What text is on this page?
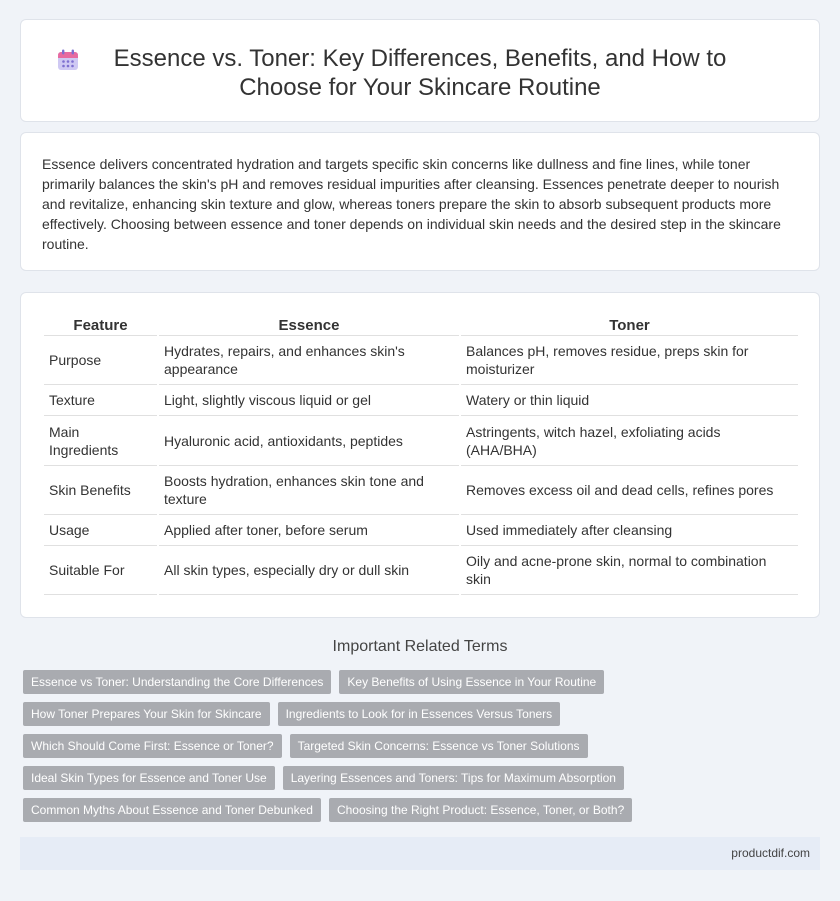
Essence vs. Toner: Key Differences, Benefits, and How to Choose for Your Skincare Routine

Essence delivers concentrated hydration and targets specific skin concerns like dullness and fine lines, while toner primarily balances the skin's pH and removes residual impurities after cleansing. Essences penetrate deeper to nourish and revitalize, enhancing skin texture and glow, whereas toners prepare the skin to absorb subsequent products more effectively. Choosing between essence and toner depends on individual skin needs and the desired step in the skincare routine.

Feature	Essence	Toner
Purpose	Hydrates, repairs, and enhances skin's appearance	Balances pH, removes residue, preps skin for moisturizer
Texture	Light, slightly viscous liquid or gel	Watery or thin liquid
Main Ingredients	Hyaluronic acid, antioxidants, peptides	Astringents, witch hazel, exfoliating acids (AHA/BHA)
Skin Benefits	Boosts hydration, enhances skin tone and texture	Removes excess oil and dead cells, refines pores
Usage	Applied after toner, before serum	Used immediately after cleansing
Suitable For	All skin types, especially dry or dull skin	Oily and acne-prone skin, normal to combination skin
Important Related Terms
Essence vs Toner: Understanding the Core Differences	Key Benefits of Using Essence in Your Routine
How Toner Prepares Your Skin for Skincare	Ingredients to Look for in Essences Versus Toners
Which Should Come First: Essence or Toner?	Targeted Skin Concerns: Essence vs Toner Solutions
Ideal Skin Types for Essence and Toner Use	Layering Essences and Toners: Tips for Maximum Absorption
Common Myths About Essence and Toner Debunked	Choosing the Right Product: Essence, Toner, or Both?
productdif.com
